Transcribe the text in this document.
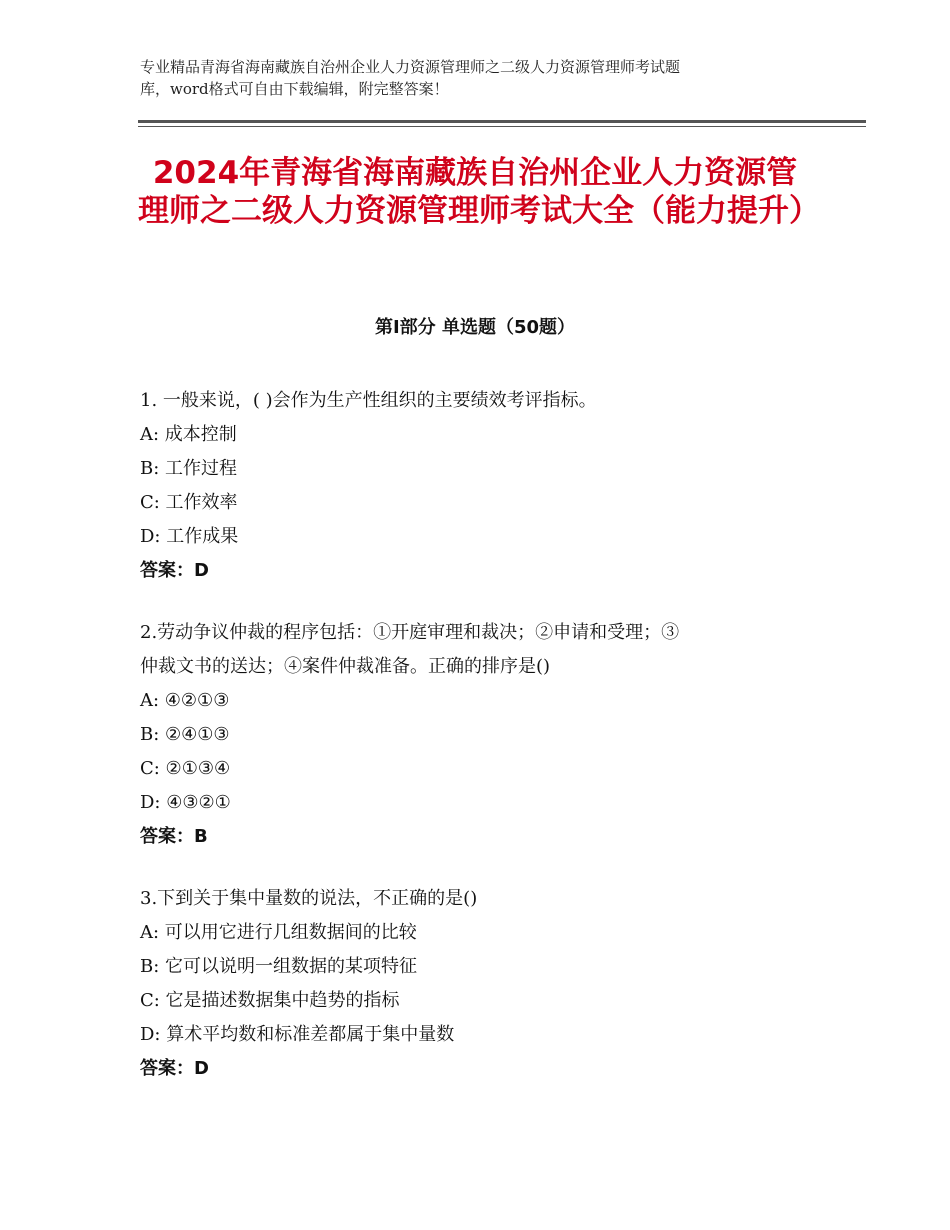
专业精品青海省海南藏族自治州企业人力资源管理师之二级人力资源管理师考试题
库，word格式可自由下载编辑，附完整答案！
2024年青海省海南藏族自治州企业人力资源管理师之二级人力资源管理师考试大全（能力提升）
第Ⅰ部分 单选题（50题）

1. 一般来说，( )会作为生产性组织的主要绩效考评指标。

A: 成本控制

B: 工作过程

C: 工作效率

D: 工作成果

答案：D

2.劳动争议仲裁的程序包括：①开庭审理和裁决；②申请和受理；③

仲裁文书的送达；④案件仲裁准备。正确的排序是()

A: ④②①③

B: ②④①③

C: ②①③④

D: ④③②①

答案：B

3.下到关于集中量数的说法，不正确的是()

A: 可以用它进行几组数据间的比较

B: 它可以说明一组数据的某项特征

C: 它是描述数据集中趋势的指标

D: 算术平均数和标准差都属于集中量数

答案：D
